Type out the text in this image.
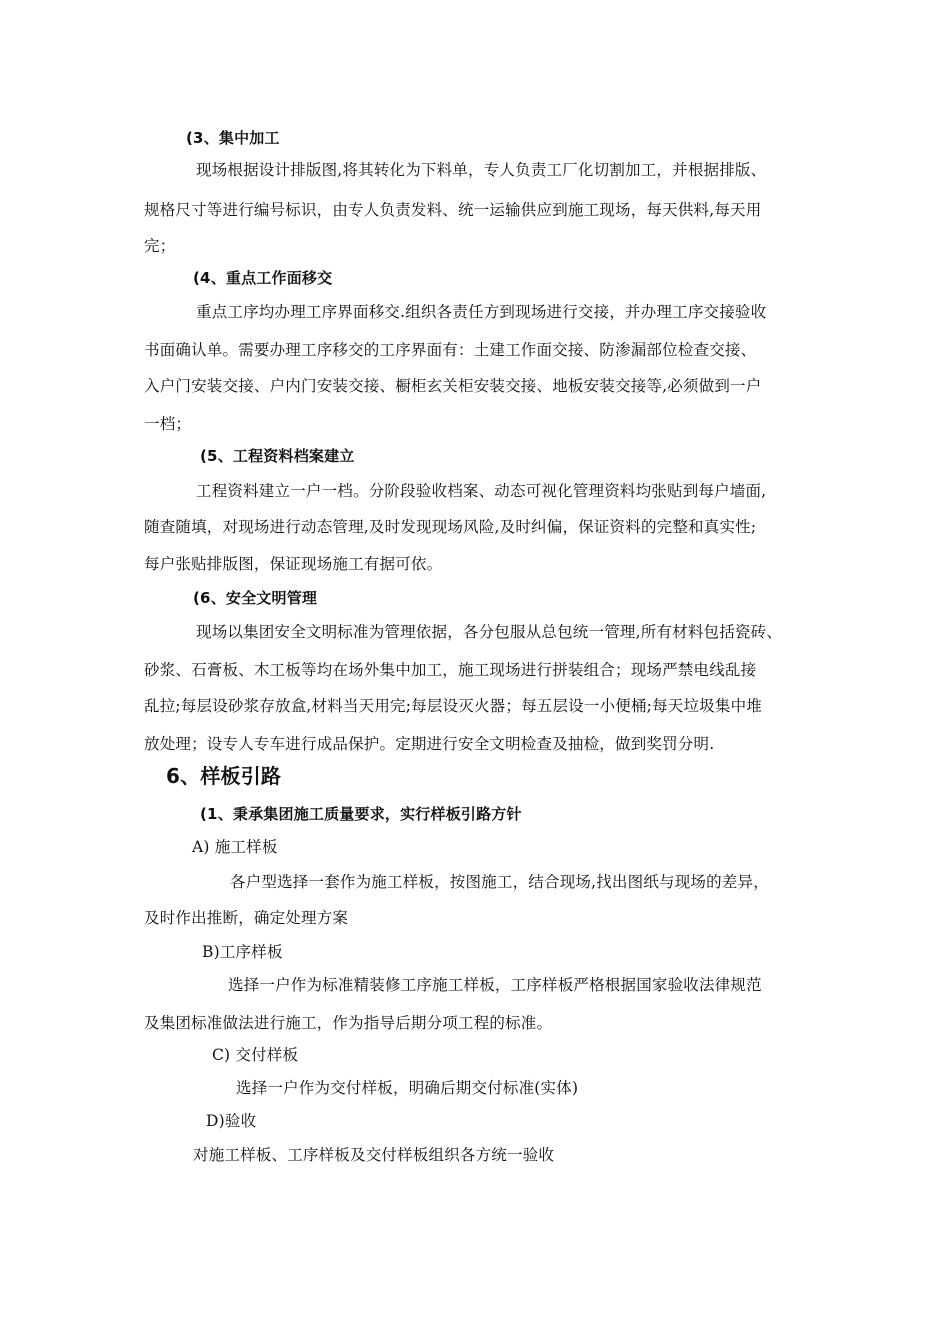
(3、集中加工
现场根据设计排版图,将其转化为下料单，专人负责工厂化切割加工，并根据排版、
规格尺寸等进行编号标识，由专人负责发料、统一运输供应到施工现场，每天供料,每天用
完；
(4、重点工作面移交
重点工序均办理工序界面移交.组织各责任方到现场进行交接，并办理工序交接验收
书面确认单。需要办理工序移交的工序界面有：土建工作面交接、防渗漏部位检查交接、
入户门安装交接、户内门安装交接、橱柜玄关柜安装交接、地板安装交接等,必须做到一户
一档；
(5、工程资料档案建立
工程资料建立一户一档。分阶段验收档案、动态可视化管理资料均张贴到每户墙面,
随查随填，对现场进行动态管理,及时发现现场风险,及时纠偏，保证资料的完整和真实性;
每户张贴排版图，保证现场施工有据可依。
(6、安全文明管理
现场以集团安全文明标准为管理依据，各分包服从总包统一管理,所有材料包括瓷砖、
砂浆、石膏板、木工板等均在场外集中加工，施工现场进行拼装组合；现场严禁电线乱接
乱拉;每层设砂浆存放盒,材料当天用完;每层设灭火器；每五层设一小便桶;每天垃圾集中堆
放处理；设专人专车进行成品保护。定期进行安全文明检查及抽检，做到奖罚分明.
6、样板引路
(1、秉承集团施工质量要求，实行样板引路方针
A) 施工样板
各户型选择一套作为施工样板，按图施工，结合现场,找出图纸与现场的差异，
及时作出推断，确定处理方案
B)工序样板
选择一户作为标准精装修工序施工样板，工序样板严格根据国家验收法律规范
及集团标准做法进行施工，作为指导后期分项工程的标准。
C) 交付样板
选择一户作为交付样板，明确后期交付标准(实体)
D)验收
对施工样板、工序样板及交付样板组织各方统一验收
